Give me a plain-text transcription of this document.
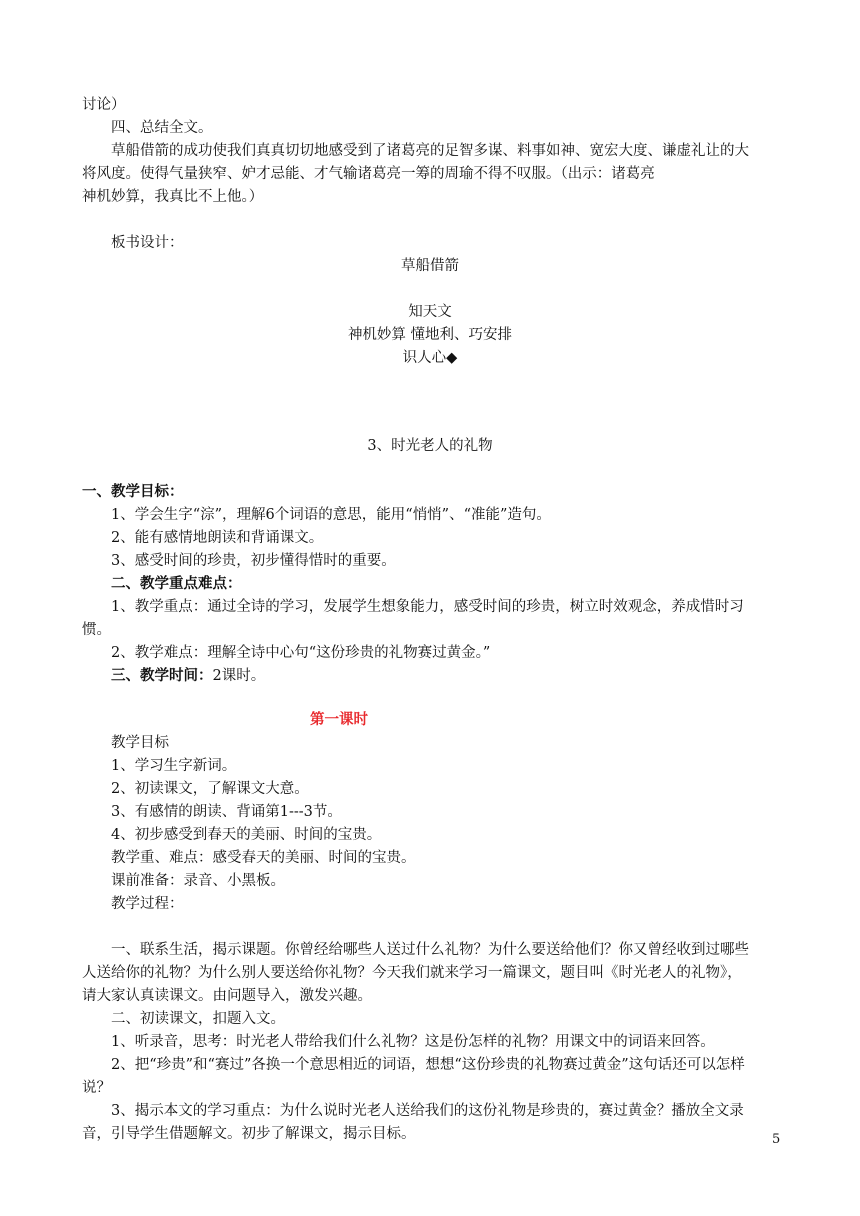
讨论）
四、总结全文。
草船借箭的成功使我们真真切切地感受到了诸葛亮的足智多谋、料事如神、宽宏大度、谦虚礼让的大
将风度。使得气量狭窄、妒才忌能、才气输诸葛亮一筹的周瑜不得不叹服。（出示：诸葛亮
神机妙算，我真比不上他。）
板书设计：
草船借箭
知天文
神机妙算 懂地利、巧安排
识人心◆
3、时光老人的礼物
一、教学目标：
1、学会生字“淙”，理解6个词语的意思，能用“悄悄”、“准能”造句。
2、能有感情地朗读和背诵课文。
3、感受时间的珍贵，初步懂得惜时的重要。
二、教学重点难点：
1、教学重点：通过全诗的学习，发展学生想象能力，感受时间的珍贵，树立时效观念，养成惜时习
惯。
2、教学难点：理解全诗中心句“这份珍贵的礼物赛过黄金。”
三、教学时间：2课时。
第一课时
教学目标
1、学习生字新词。
2、初读课文，了解课文大意。
3、有感情的朗读、背诵第1---3节。
4、初步感受到春天的美丽、时间的宝贵。
教学重、难点：感受春天的美丽、时间的宝贵。
课前准备：录音、小黑板。
教学过程：
一、联系生活，揭示课题。你曾经给哪些人送过什么礼物？为什么要送给他们？你又曾经收到过哪些
人送给你的礼物？为什么别人要送给你礼物？今天我们就来学习一篇课文，题目叫《时光老人的礼物》，
请大家认真读课文。由问题导入，激发兴趣。
二、初读课文，扣题入文。
1、听录音，思考：时光老人带给我们什么礼物？这是份怎样的礼物？用课文中的词语来回答。
2、把“珍贵”和“赛过”各换一个意思相近的词语，想想“这份珍贵的礼物赛过黄金”这句话还可以怎样
说？
3、揭示本文的学习重点：为什么说时光老人送给我们的这份礼物是珍贵的，赛过黄金？播放全文录
音，引导学生借题解文。初步了解课文，揭示目标。	5
